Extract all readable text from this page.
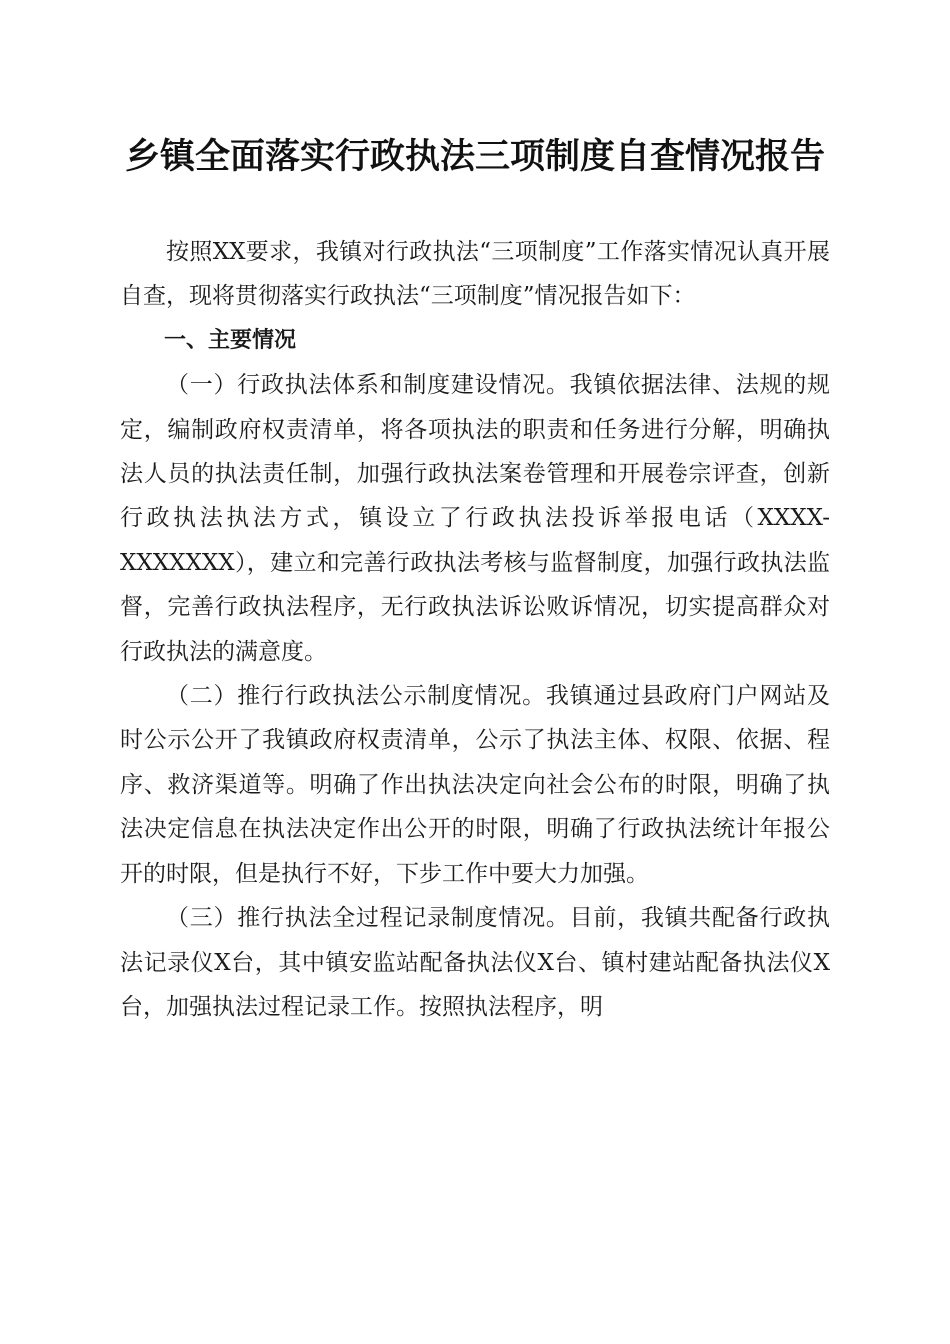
乡镇全面落实行政执法三项制度自查情况报告

按照XX要求，我镇对行政执法“三项制度”工作落实情况认真开展自查，现将贯彻落实行政执法“三项制度”情况报告如下：

一、主要情况

（一）行政执法体系和制度建设情况。我镇依据法律、法规的规定，编制政府权责清单，将各项执法的职责和任务进行分解，明确执法人员的执法责任制，加强行政执法案卷管理和开展卷宗评查，创新行政执法执法方式，镇设立了行政执法投诉举报电话（XXXX-XXXXXXX），建立和完善行政执法考核与监督制度，加强行政执法监督，完善行政执法程序，无行政执法诉讼败诉情况，切实提高群众对行政执法的满意度。

（二）推行行政执法公示制度情况。我镇通过县政府门户网站及时公示公开了我镇政府权责清单，公示了执法主体、权限、依据、程序、救济渠道等。明确了作出执法决定向社会公布的时限，明确了执法决定信息在执法决定作出公开的时限，明确了行政执法统计年报公开的时限，但是执行不好，下步工作中要大力加强。

（三）推行执法全过程记录制度情况。目前，我镇共配备行政执法记录仪X台，其中镇安监站配备执法仪X台、镇村建站配备执法仪X台，加强执法过程记录工作。按照执法程序，明
